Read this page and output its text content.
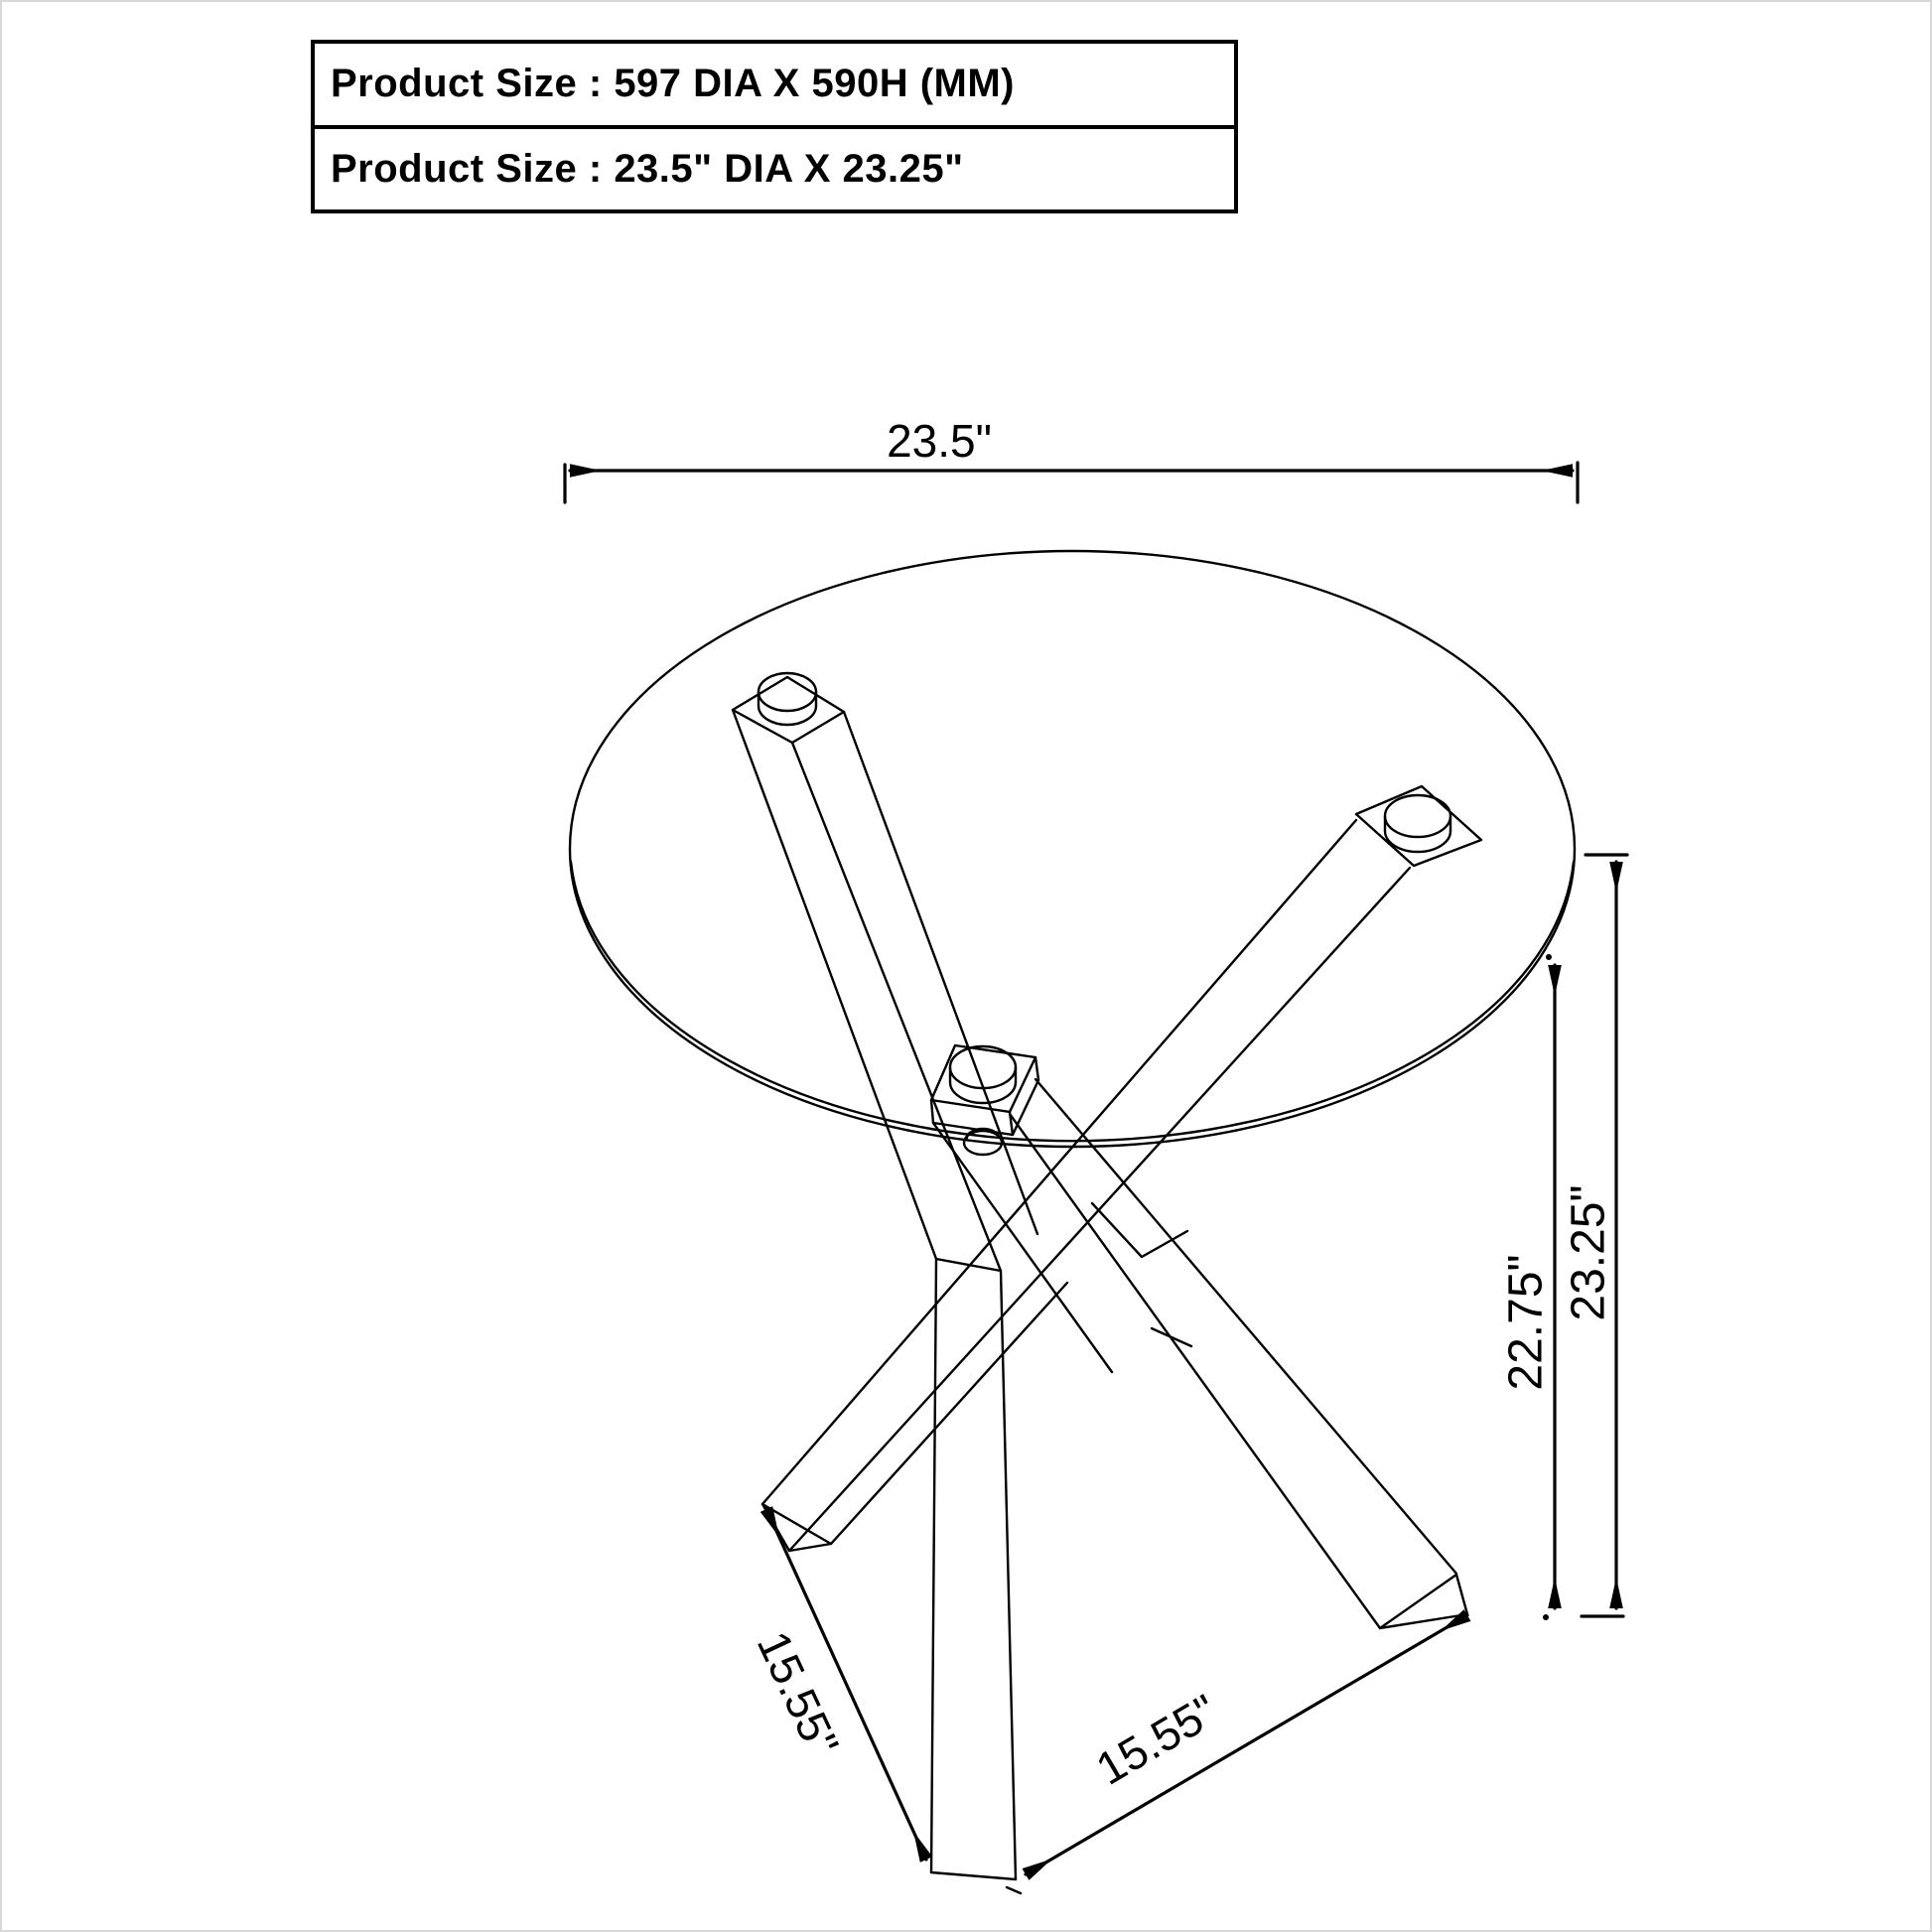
Product Size : 597 DIA X 590H (MM)
Product Size : 23.5" DIA X 23.25"
23.5"
23.25"
22.75"
15.55"	15.55"
